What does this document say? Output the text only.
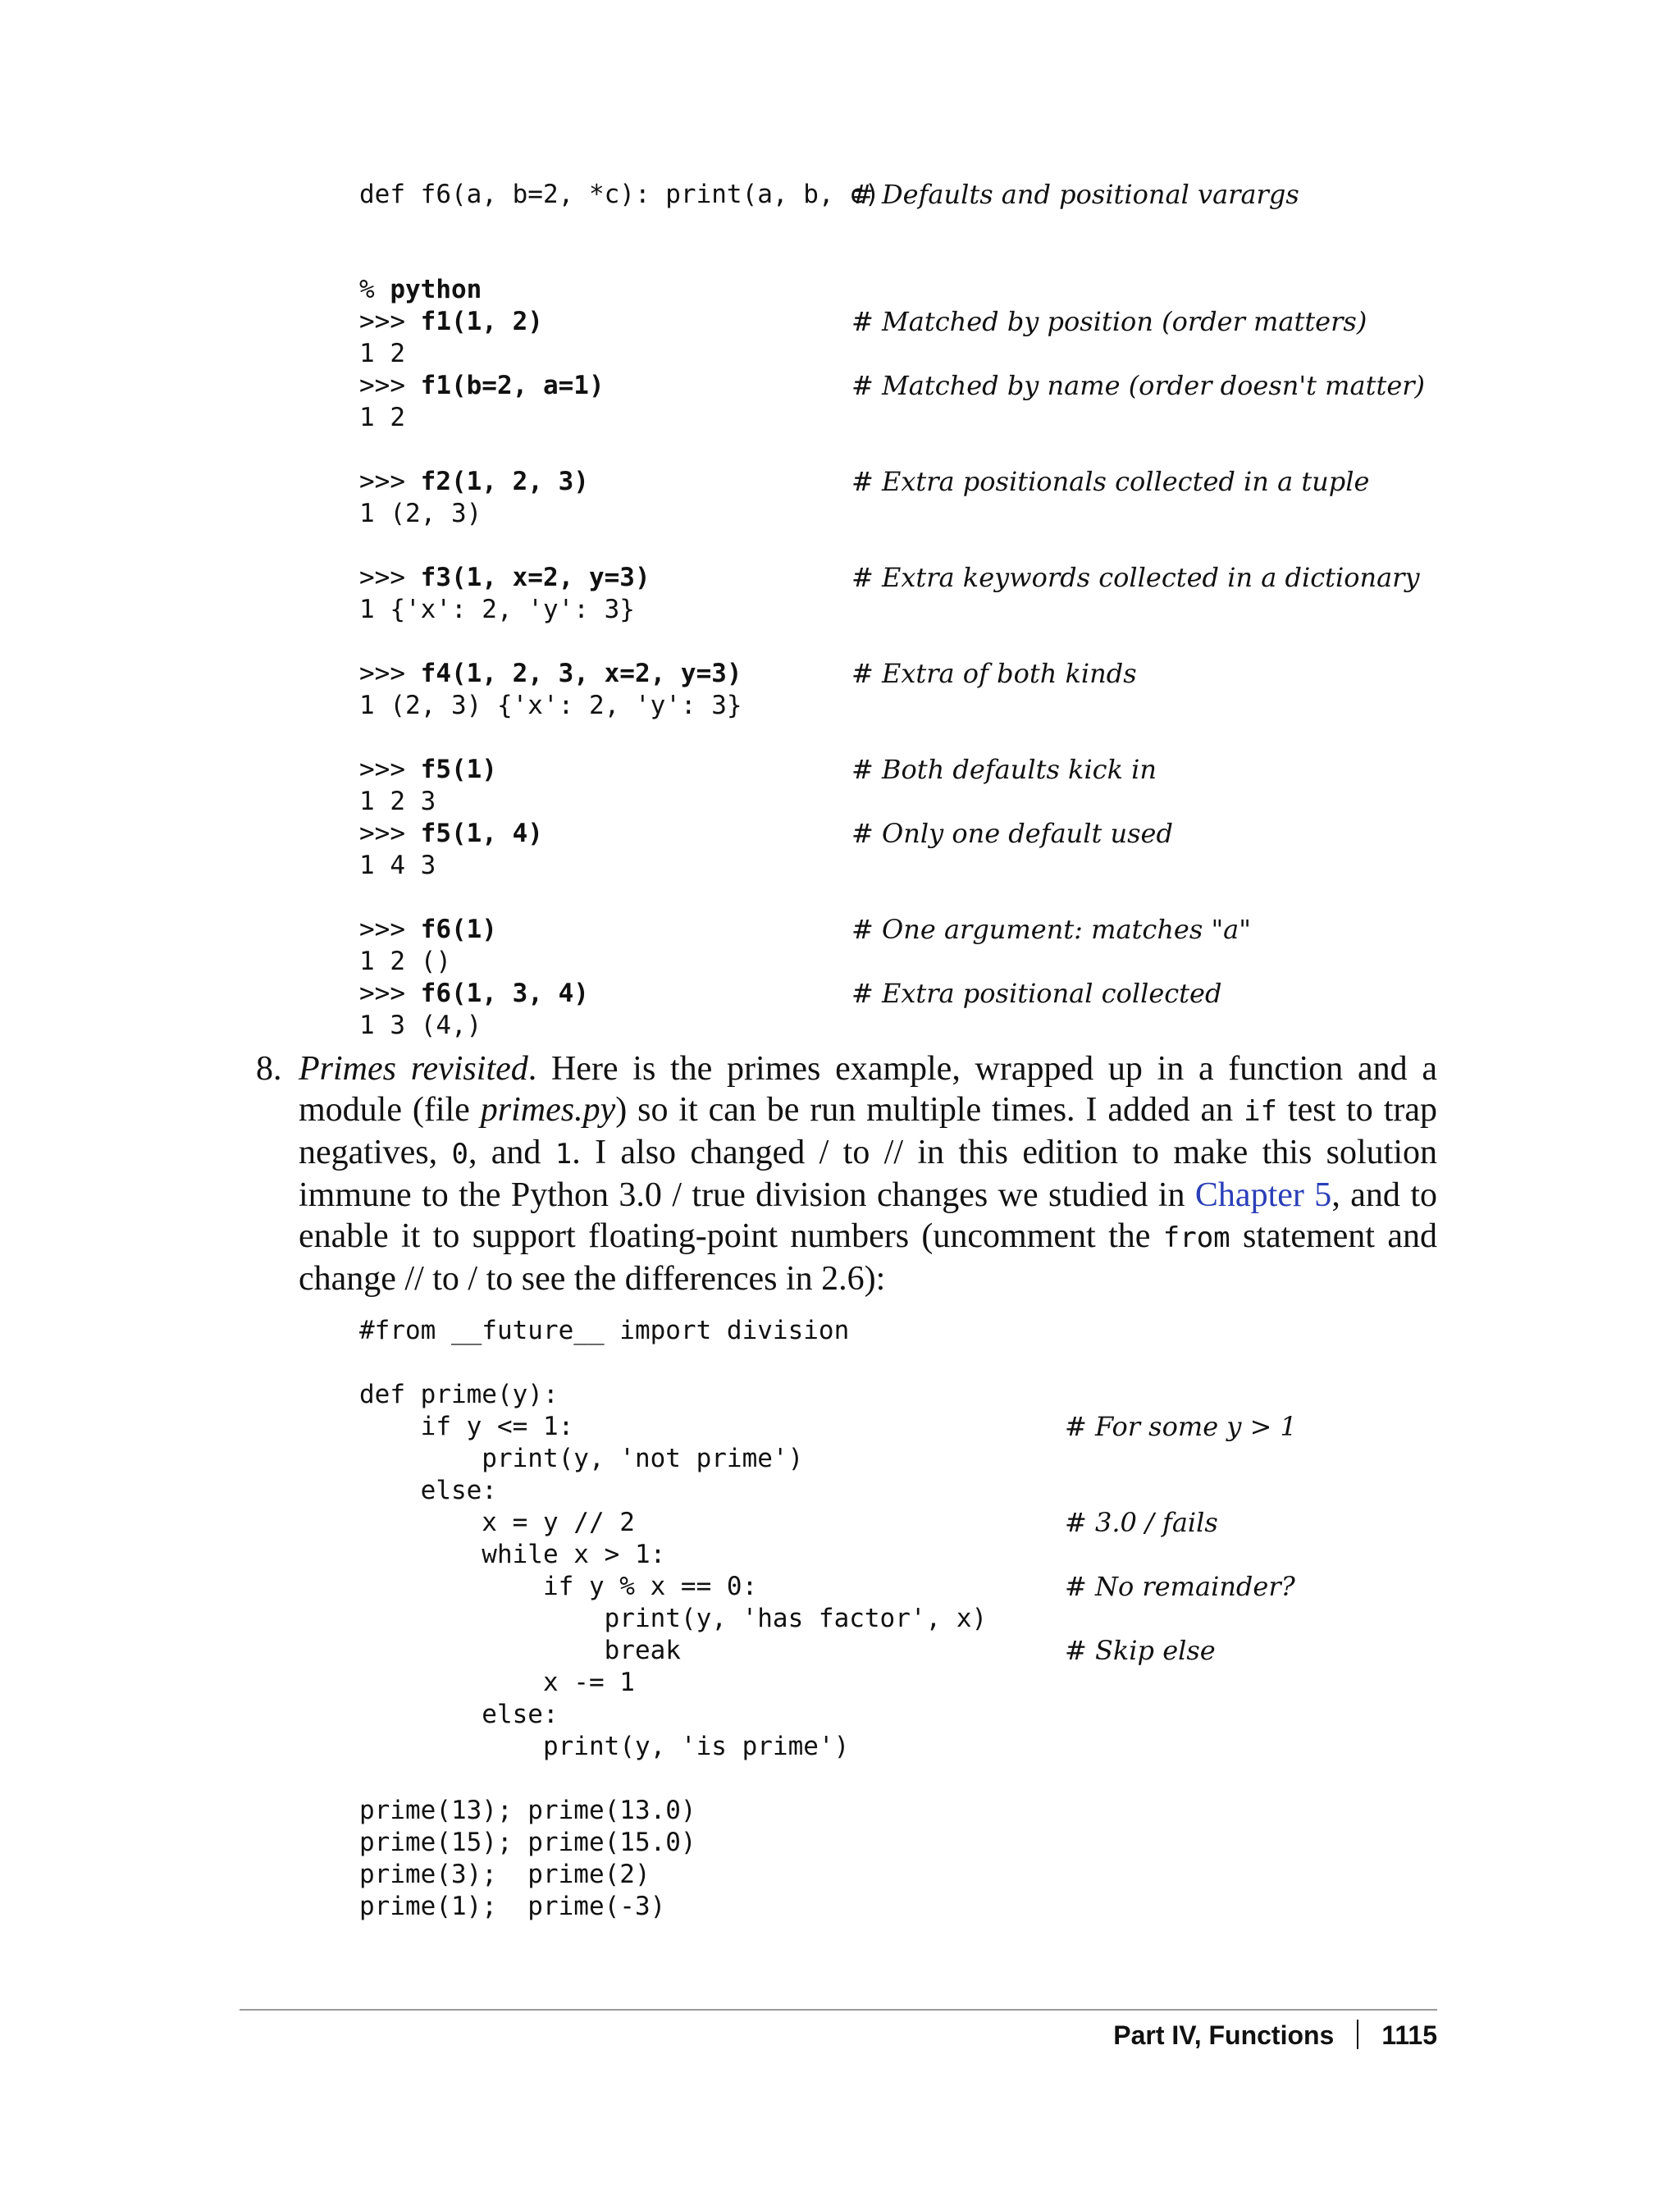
def f6(a, b=2, *c): print(a, b, c)

# Defaults and positional varargs

% python
>>> f1(1, 2)	# Matched by position (order matters)
1 2
>>> f1(b=2, a=1)	# Matched by name (order doesn't matter)
1 2
>>> f2(1, 2, 3)	# Extra positionals collected in a tuple
1 (2, 3)
>>> f3(1, x=2, y=3)	# Extra keywords collected in a dictionary
1 {'x': 2, 'y': 3}
>>> f4(1, 2, 3, x=2, y=3)	# Extra of both kinds
1 (2, 3) {'x': 2, 'y': 3}
>>> f5(1)	# Both defaults kick in
1 2 3
>>> f5(1, 4)	# Only one default used
1 4 3
>>> f6(1)	# One argument: matches "a"
1 2 ()
>>> f6(1, 3, 4)	# Extra positional collected
1 3 (4,)
8. Primes revisited. Here is the primes example, wrapped up in a function and a module (file primes.py) so it can be run multiple times. I added an if test to trap negatives, 0, and 1. I also changed / to // in this edition to make this solution immune to the Python 3.0 / true division changes we studied in Chapter 5, and to enable it to support floating-point numbers (uncomment the from statement and change // to / to see the differences in 2.6):
#from __future__ import division
def prime(y):
if y <= 1:	# For some y > 1
print(y, 'not prime')
else:
x = y // 2	# 3.0 / fails
while x > 1:
if y % x == 0:	# No remainder?
print(y, 'has factor', x)
break	# Skip else
x -= 1
else:
print(y, 'is prime')
prime(13); prime(13.0)
prime(15); prime(15.0)
prime(3);  prime(2)
prime(1);  prime(-3)
Part IV, Functions 1115
